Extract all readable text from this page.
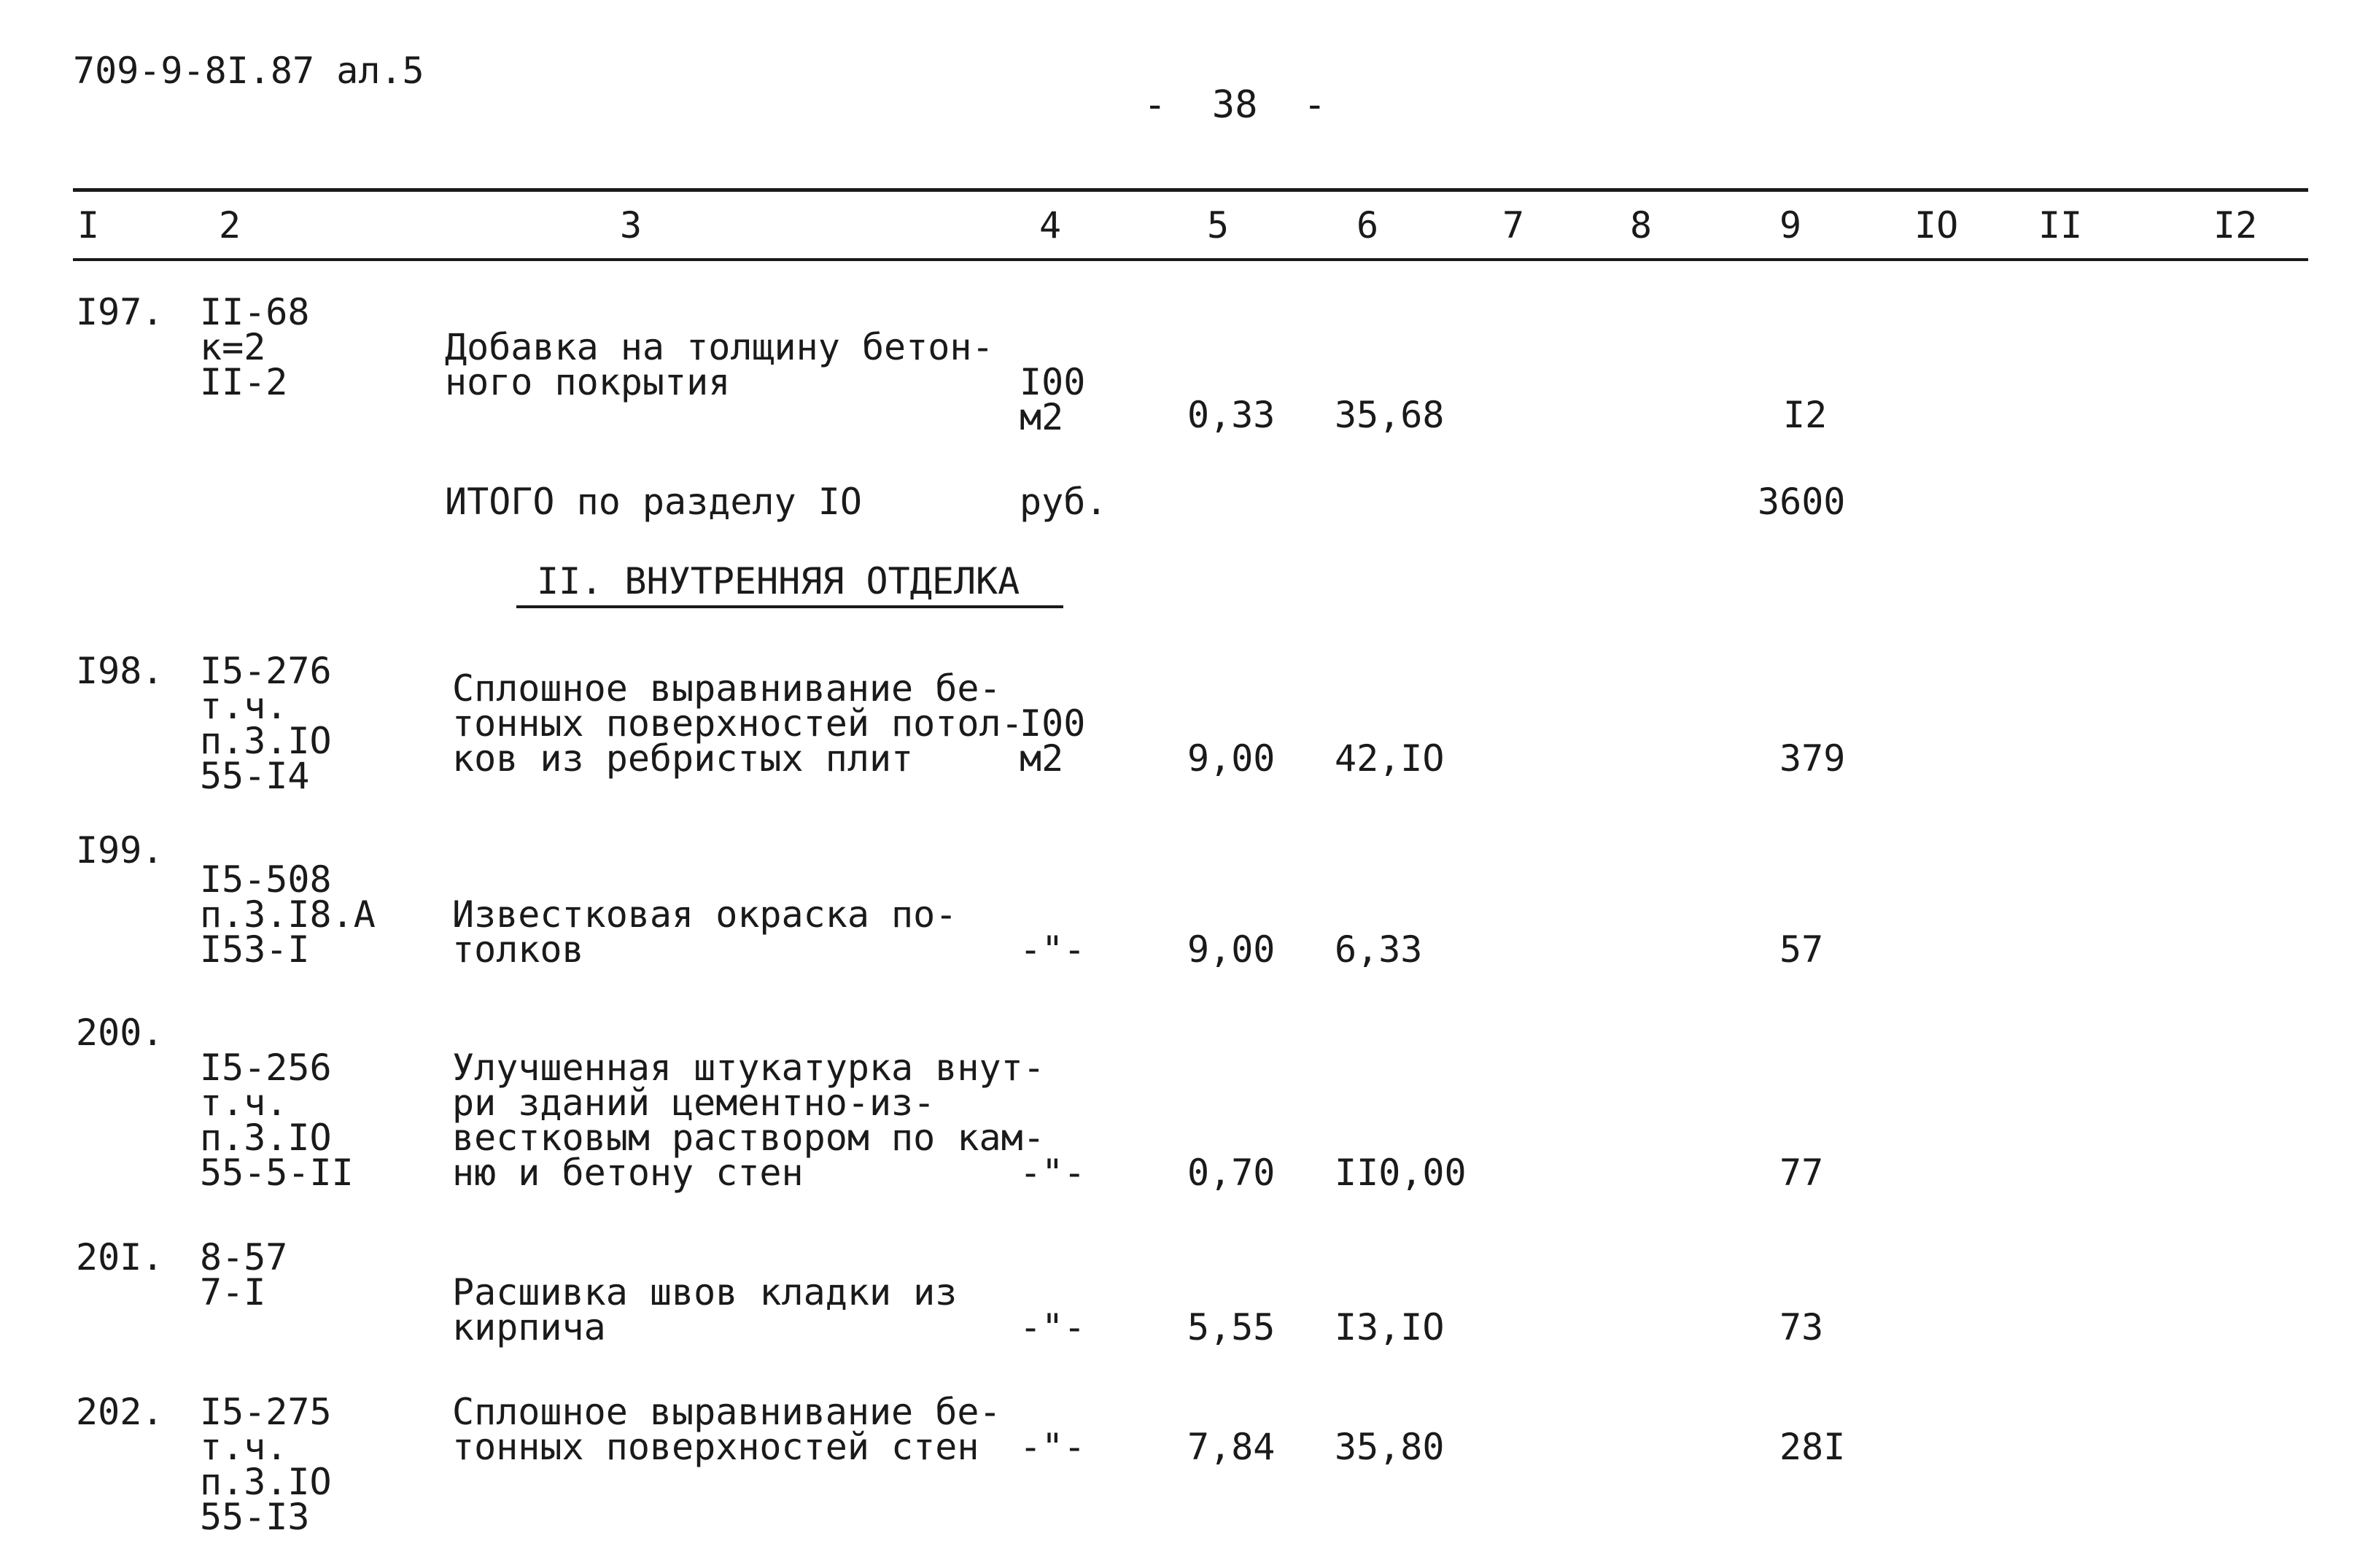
709-9-8I.87 ал.5
-  38  -
I	2	3	4	5	6	7	8	9	IO II	I2
I97. II-68
к=2
II-2
Добавка на толщину бетон-
ного покрытия	I00
м2	0,33 35,68	I2
ИТОГО по разделу IO	руб.	3600
II. ВНУТРЕННЯЯ ОТДЕЛКА
I98. I5-276
т.ч.
п.3.IO
55-I4
Сплошное выравнивание бе-
тонных поверхностей потол-
ков из ребристых плит
I00
м2	9,00 42,IO	379
I99.
I5-508
п.3.I8.А
I53-I
Известковая окраска по-
толков	-"-	9,00 6,33	57
200.
I5-256
т.ч.
п.3.IO
55-5-II
Улучшенная штукатурка внут-
ри зданий цементно-из-
вестковым раствором по кам-
ню и бетону стен	-"-	0,70 II0,00	77
20I. 8-57
7-I	Расшивка швов кладки из
кирпича	-"-	5,55 I3,IO	73
202. I5-275
т.ч.
п.3.IO
55-I3
Сплошное выравнивание бе-
тонных поверхностей стен	-"-	7,84 35,80	28I
